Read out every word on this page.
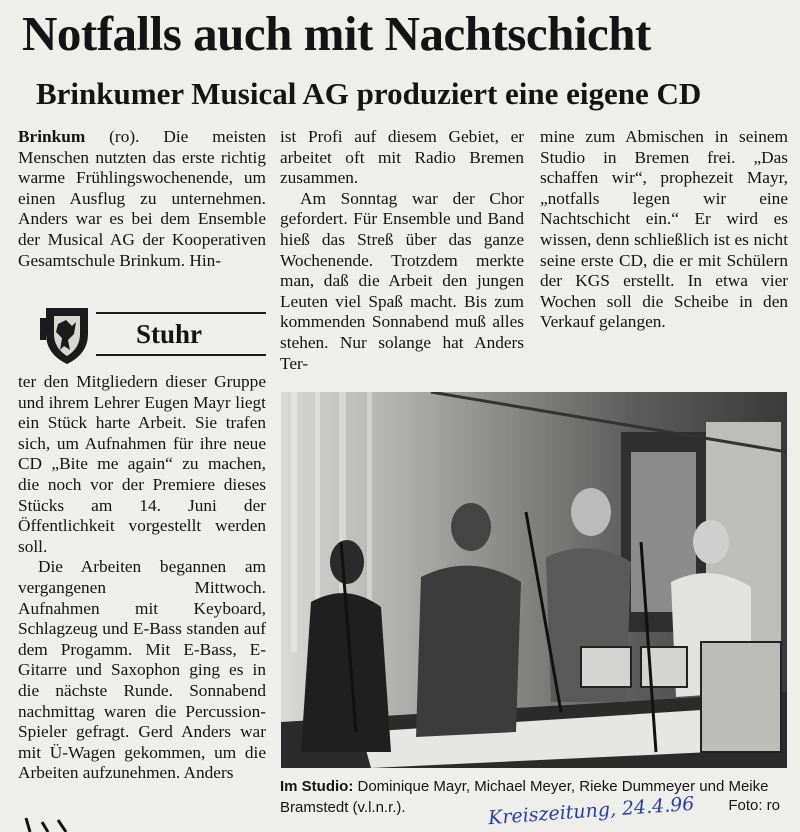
Notfalls auch mit Nachtschicht
Brinkumer Musical AG produziert eine eigene CD

Brinkum (ro). Die meisten Menschen nutzten das erste richtig warme Frühlingswochenende, um einen Ausflug zu unternehmen. Anders war es bei dem Ensemble der Musical AG der Kooperativen Gesamtschule Brinkum. Hin-

Stuhr

ter den Mitgliedern dieser Gruppe und ihrem Lehrer Eugen Mayr liegt ein Stück harte Arbeit. Sie trafen sich, um Aufnahmen für ihre neue CD „Bite me again“ zu machen, die noch vor der Premiere dieses Stücks am 14. Juni der Öffentlichkeit vorgestellt werden soll.

Die Arbeiten begannen am vergangenen Mittwoch. Aufnahmen mit Keyboard, Schlagzeug und E-Bass standen auf dem Progamm. Mit E-Bass, E-Gitarre und Saxophon ging es in die nächste Runde. Sonnabend nachmittag waren die Percussion-Spieler gefragt. Gerd Anders war mit Ü-Wagen gekommen, um die Arbeiten aufzunehmen. Anders

ist Profi auf diesem Gebiet, er arbeitet oft mit Radio Bremen zusammen.

Am Sonntag war der Chor gefordert. Für Ensemble und Band hieß das Streß über das ganze Wochenende. Trotzdem merkte man, daß die Arbeit den jungen Leuten viel Spaß macht. Bis zum kommenden Sonnabend muß alles stehen. Nur solange hat Anders Ter-

mine zum Abmischen in seinem Studio in Bremen frei. „Das schaffen wir“, prophezeit Mayr, „notfalls legen wir eine Nachtschicht ein.“ Er wird es wissen, denn schließlich ist es nicht seine erste CD, die er mit Schülern der KGS erstellt. In etwa vier Wochen soll die Scheibe in den Verkauf gelangen.

Im Studio: Dominique Mayr, Michael Meyer, Rieke Dummeyer und Meike Bramstedt (v.l.n.r.).	Foto: ro
Kreiszeitung, 24.4.96
